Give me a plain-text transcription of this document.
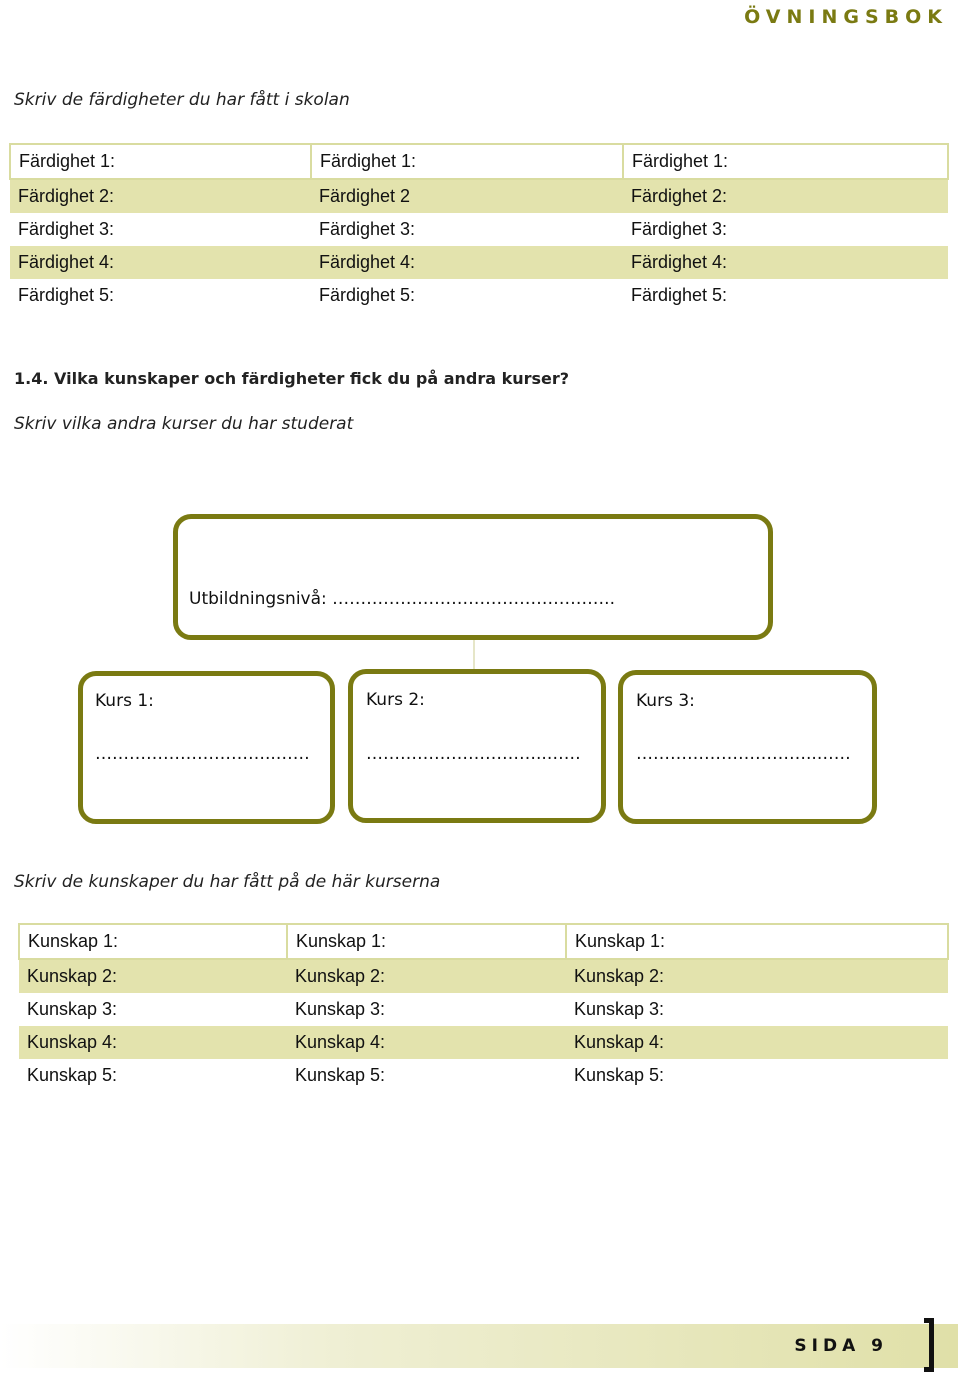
ÖVNINGSBOK
Skriv de färdigheter du har fått i skolan
Färdighet 1:	Färdighet 1:	Färdighet 1:
Färdighet 2:	Färdighet 2	Färdighet 2:
Färdighet 3:	Färdighet 3:	Färdighet 3:
Färdighet 4:	Färdighet 4:	Färdighet 4:
Färdighet 5:	Färdighet 5:	Färdighet 5:
1.4. Vilka kunskaper och färdigheter fick du på andra kurser?
Skriv vilka andra kurser du har studerat
Utbildningsnivå: …………………………………………..
Kurs 1:
…………………………..……
Kurs 2:
…………………………..……
Kurs 3:
…………………………..……
Skriv de kunskaper du har fått på de här kurserna
Kunskap 1:	Kunskap 1:	Kunskap 1:
Kunskap 2:	Kunskap 2:	Kunskap 2:
Kunskap 3:	Kunskap 3:	Kunskap 3:
Kunskap 4:	Kunskap 4:	Kunskap 4:
Kunskap 5:	Kunskap 5:	Kunskap 5:
SIDA 9
